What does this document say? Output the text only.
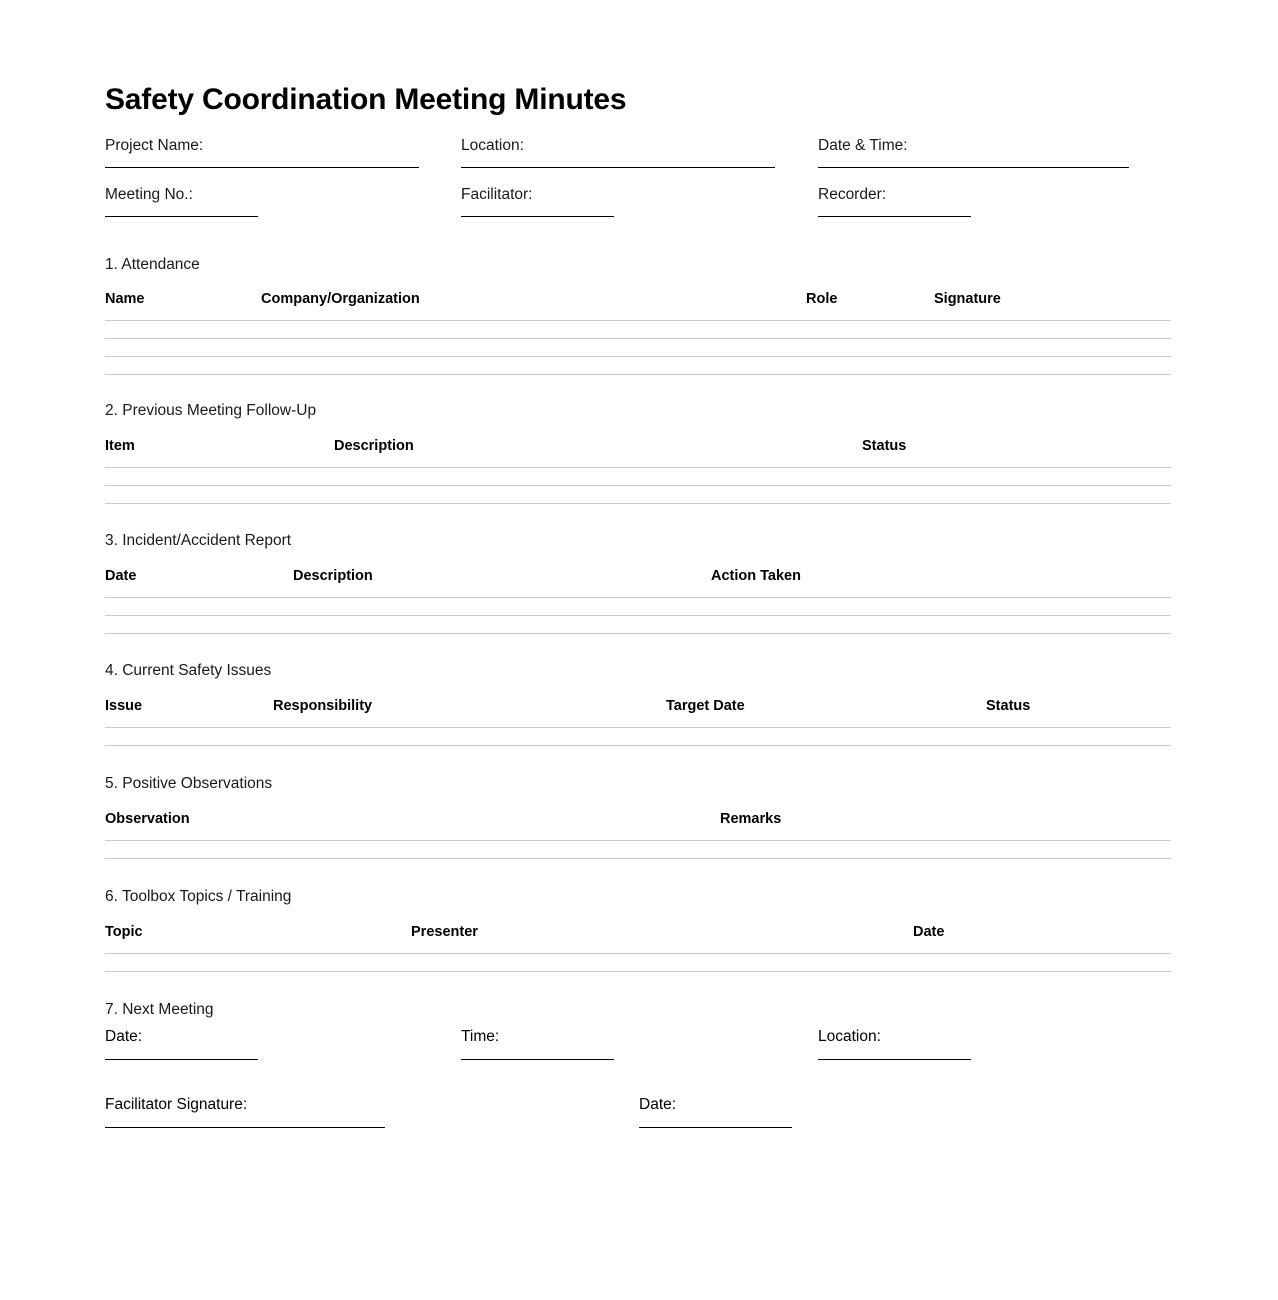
Safety Coordination Meeting Minutes
Project Name:	Location:	Date & Time:
Meeting No.:	Facilitator:	Recorder:
1. Attendance
Name	Company/Organization	Role	Signature
2. Previous Meeting Follow-Up
Item	Description	Status
3. Incident/Accident Report
Date	Description	Action Taken
4. Current Safety Issues
Issue	Responsibility	Target Date	Status
5. Positive Observations
Observation	Remarks
6. Toolbox Topics / Training
Topic	Presenter	Date
7. Next Meeting
Date:	Time:	Location:
Facilitator Signature:	Date:
